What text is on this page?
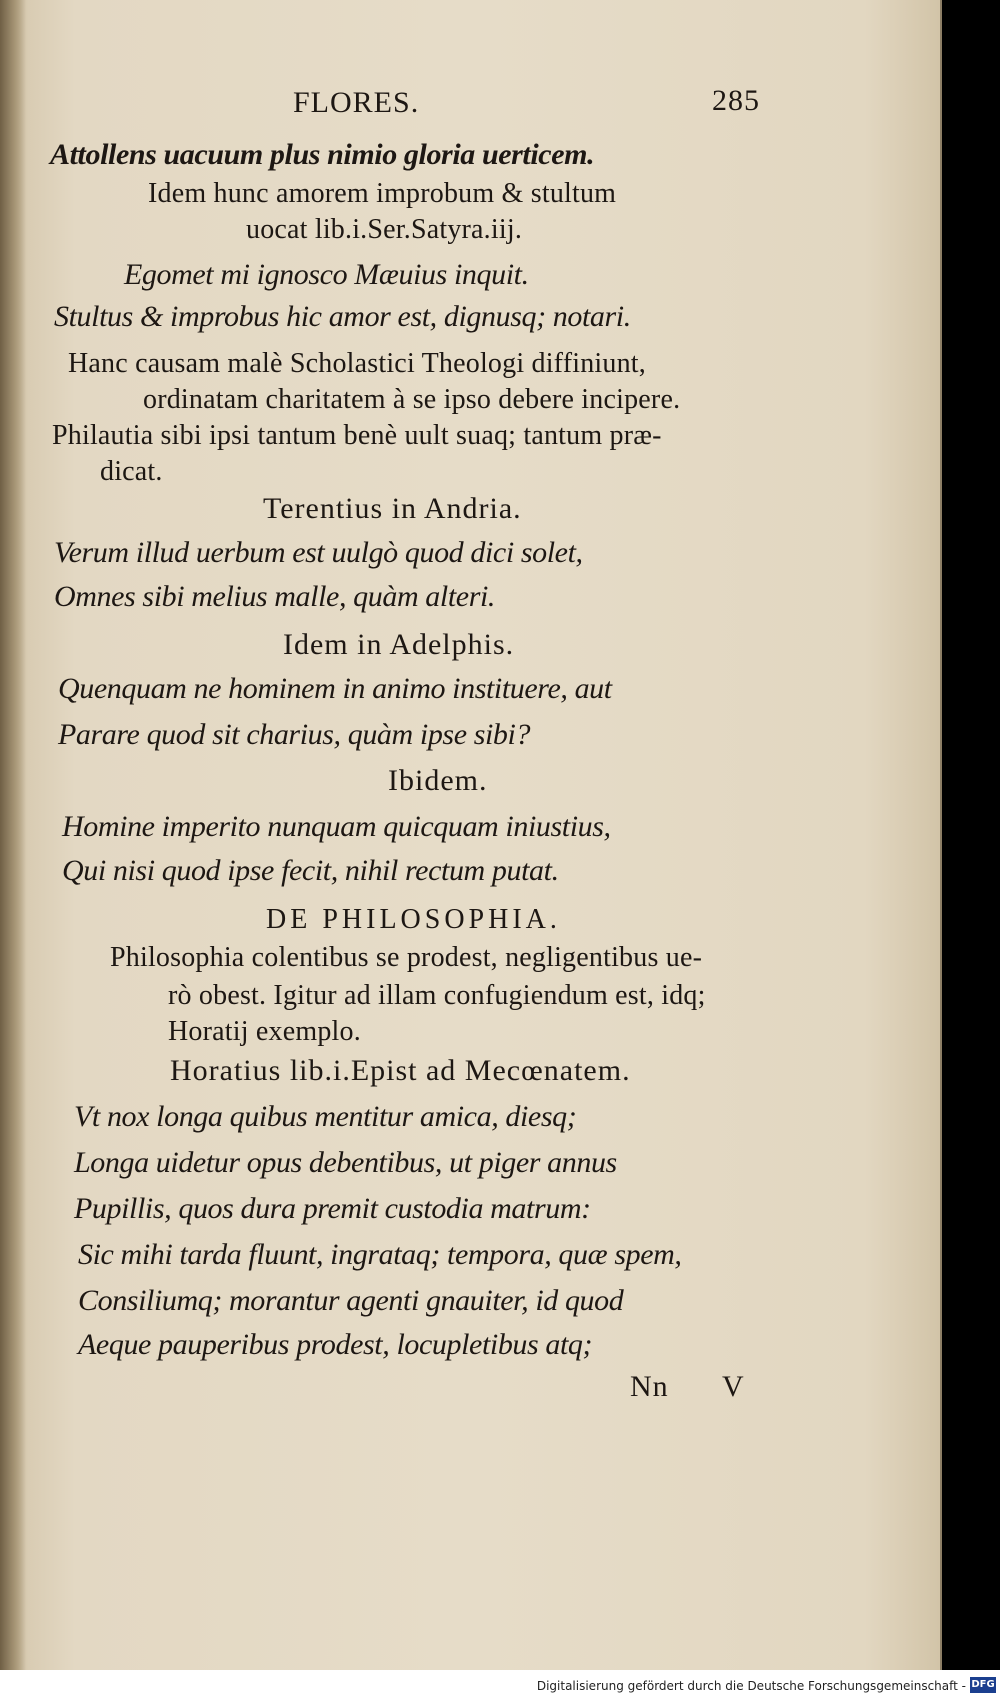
FLORES.	285
Attollens uacuum plus nimio gloria uerticem.
Idem hunc amorem improbum & stultum
uocat lib.i.Ser.Satyra.iij.
Egomet mi ignosco Mæuius inquit.
Stultus & improbus hic amor est, dignusq; notari.
Hanc causam malè Scholastici Theologi diffiniunt,
ordinatam charitatem à se ipso debere incipere.
Philautia sibi ipsi tantum benè uult suaq; tantum præ-
dicat.
Terentius in Andria.
Verum illud uerbum est uulgò quod dici solet,
Omnes sibi melius malle, quàm alteri.
Idem in Adelphis.
Quenquam ne hominem in animo instituere, aut
Parare quod sit charius, quàm ipse sibi?
Ibidem.
Homine imperito nunquam quicquam iniustius,
Qui nisi quod ipse fecit, nihil rectum putat.
DE PHILOSOPHIA.
Philosophia colentibus se prodest, negligentibus ue-
rò obest. Igitur ad illam confugiendum est, idq;
Horatij exemplo.
Horatius lib.i.Epist ad Mecœnatem.
Vt nox longa quibus mentitur amica, diesq;
Longa uidetur opus debentibus, ut piger annus
Pupillis, quos dura premit custodia matrum:
Sic mihi tarda fluunt, ingrataq; tempora, quæ spem,
Consiliumq; morantur agenti gnauiter, id quod
Aeque pauperibus prodest, locupletibus atq;
Nn V
Digitalisierung gefördert durch die Deutsche Forschungsgemeinschaft - DFG
